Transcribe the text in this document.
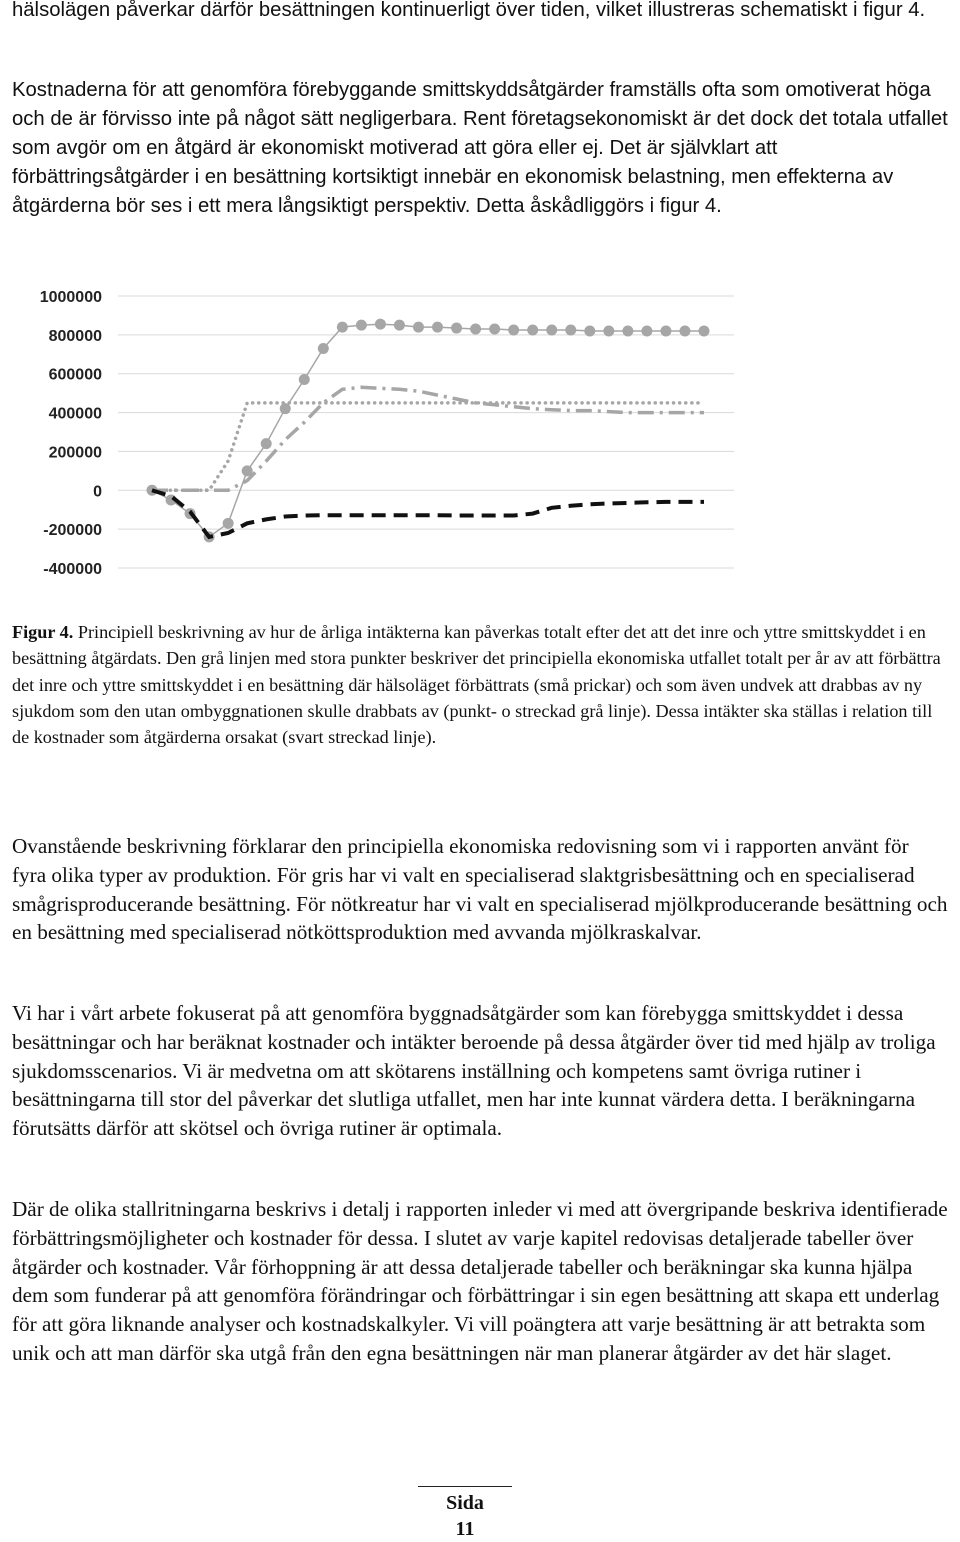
hälsolägen påverkar därför besättningen kontinuerligt över tiden, vilket illustreras schematiskt i figur 4.

Kostnaderna för att genomföra förebyggande smittskyddsåtgärder framställs ofta som omotiverat höga och de är förvisso inte på något sätt negligerbara. Rent företagsekonomiskt är det dock det totala utfallet som avgör om en åtgärd är ekonomiskt motiverad att göra eller ej. Det är självklart att förbättringsåtgärder i en besättning kortsiktigt innebär en ekonomisk belastning, men effekterna av åtgärderna bör ses i ett mera långsiktigt perspektiv. Detta åskådliggörs i figur 4.

1000000
800000
600000
400000
200000
0
-200000
-400000

Figur 4. Principiell beskrivning av hur de årliga intäkterna kan påverkas totalt efter det att det inre och yttre smittskyddet i en besättning åtgärdats. Den grå linjen med stora punkter beskriver det principiella ekonomiska utfallet totalt per år av att förbättra det inre och yttre smittskyddet i en besättning där hälsoläget förbättrats (små prickar) och som även undvek att drabbas av ny sjukdom som den utan ombyggnationen skulle drabbats av (punkt- o streckad grå linje). Dessa intäkter ska ställas i relation till de kostnader som åtgärderna orsakat (svart streckad linje).

Ovanstående beskrivning förklarar den principiella ekonomiska redovisning som vi i rapporten använt för fyra olika typer av produktion. För gris har vi valt en specialiserad slaktgrisbesättning och en specialiserad smågrisproducerande besättning. För nötkreatur har vi valt en specialiserad mjölkproducerande besättning och en besättning med specialiserad nötköttsproduktion med avvanda mjölkraskalvar.

Vi har i vårt arbete fokuserat på att genomföra byggnadsåtgärder som kan förebygga smittskyddet i dessa besättningar och har beräknat kostnader och intäkter beroende på dessa åtgärder över tid med hjälp av troliga sjukdomsscenarios. Vi är medvetna om att skötarens inställning och kompetens samt övriga rutiner i besättningarna till stor del påverkar det slutliga utfallet, men har inte kunnat värdera detta. I beräkningarna förutsätts därför att skötsel och övriga rutiner är optimala.

Där de olika stallritningarna beskrivs i detalj i rapporten inleder vi med att övergripande beskriva identifierade förbättringsmöjligheter och kostnader för dessa. I slutet av varje kapitel redovisas detaljerade tabeller över åtgärder och kostnader. Vår förhoppning är att dessa detaljerade tabeller och beräkningar ska kunna hjälpa dem som funderar på att genomföra förändringar och förbättringar i sin egen besättning att skapa ett underlag för att göra liknande analyser och kostnadskalkyler. Vi vill poängtera att varje besättning är att betrakta som unik och att man därför ska utgå från den egna besättningen när man planerar åtgärder av det här slaget.

Sida
11
